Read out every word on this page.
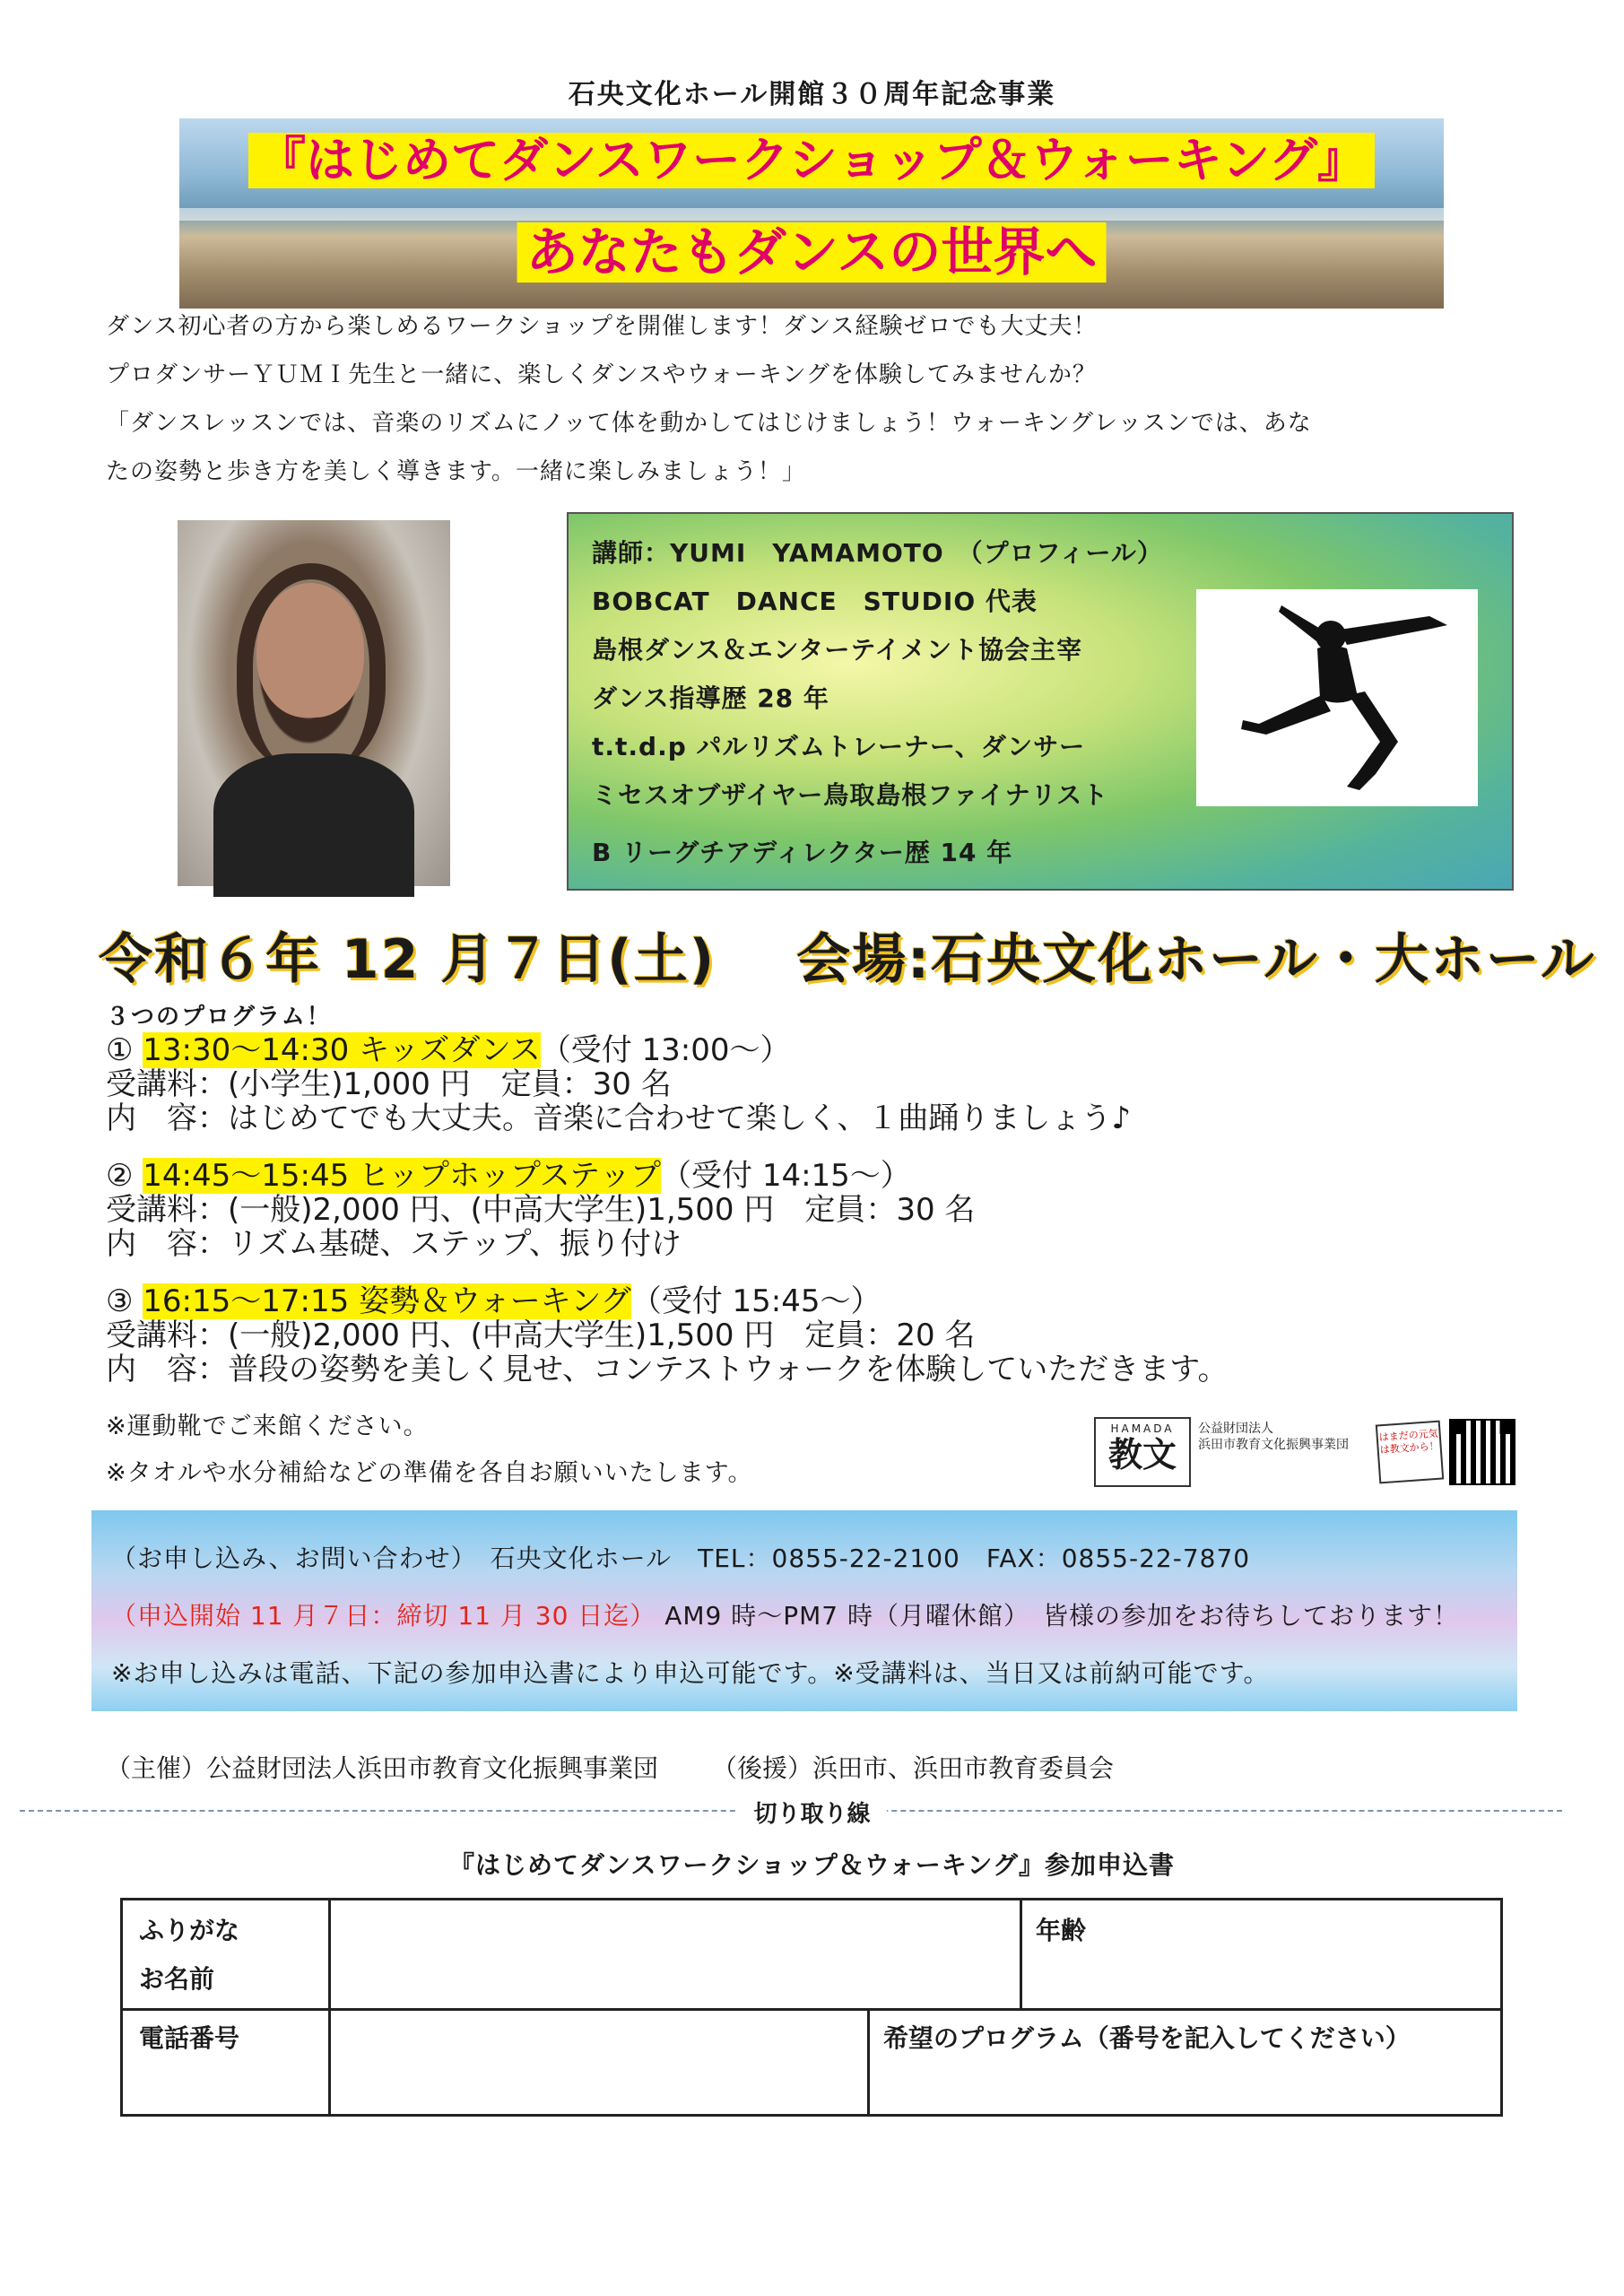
石央文化ホール開館３０周年記念事業
『はじめてダンスワークショップ＆ウォーキング』
あなたもダンスの世界へ
ダンス初心者の方から楽しめるワークショップを開催します！ダンス経験ゼロでも大丈夫！
プロダンサーＹＵＭＩ先生と一緒に、楽しくダンスやウォーキングを体験してみませんか？
「ダンスレッスンでは、音楽のリズムにノッて体を動かしてはじけましょう！ウォーキングレッスンでは、あな
たの姿勢と歩き方を美しく導きます。一緒に楽しみましょう！」
講師：YUMI　YAMAMOTO　（プロフィール）
BOBCAT　DANCE　STUDIO 代表
島根ダンス＆エンターテイメント協会主宰
ダンス指導歴 28 年
t.t.d.p パルリズムトレーナー、ダンサー
ミセスオブザイヤー鳥取島根ファイナリスト
B リーグチアディレクター歴 14 年
令和６年 12 月７日(土) 会場:石央文化ホール・大ホール
３つのプログラム！
① 13:30～14:30 キッズダンス（受付 13:00～）
受講料：(小学生)1,000 円　定員：30 名
内　容：はじめてでも大丈夫。音楽に合わせて楽しく、１曲踊りましょう♪
② 14:45～15:45 ヒップホップステップ（受付 14:15～）
受講料：(一般)2,000 円、(中高大学生)1,500 円　定員：30 名
内　容：リズム基礎、ステップ、振り付け
③ 16:15～17:15 姿勢＆ウォーキング（受付 15:45～）
受講料：(一般)2,000 円、(中高大学生)1,500 円　定員：20 名
内　容：普段の姿勢を美しく見せ、コンテストウォークを体験していただきます。
※運動靴でご来館ください。
※タオルや水分補給などの準備を各自お願いいたします。
HAMADA
教文
公益財団法人
浜田市教育文化振興事業団
はまだの元気は教文から！
（お申し込み、お問い合わせ）　石央文化ホール　TEL：0855-22-2100　FAX：0855-22-7870
（申込開始 11 月７日：締切 11 月 30 日迄） AM9 時～PM7 時（月曜休館）　皆様の参加をお待ちしております！
※お申し込みは電話、下記の参加申込書により申込可能です。※受講料は、当日又は前納可能です。
（主催）公益財団法人浜田市教育文化振興事業団 （後援）浜田市、浜田市教育委員会
切り取り線
『はじめてダンスワークショップ＆ウォーキング』参加申込書
ふりがな
お名前
年齢
電話番号	希望のプログラム（番号を記入してください）
